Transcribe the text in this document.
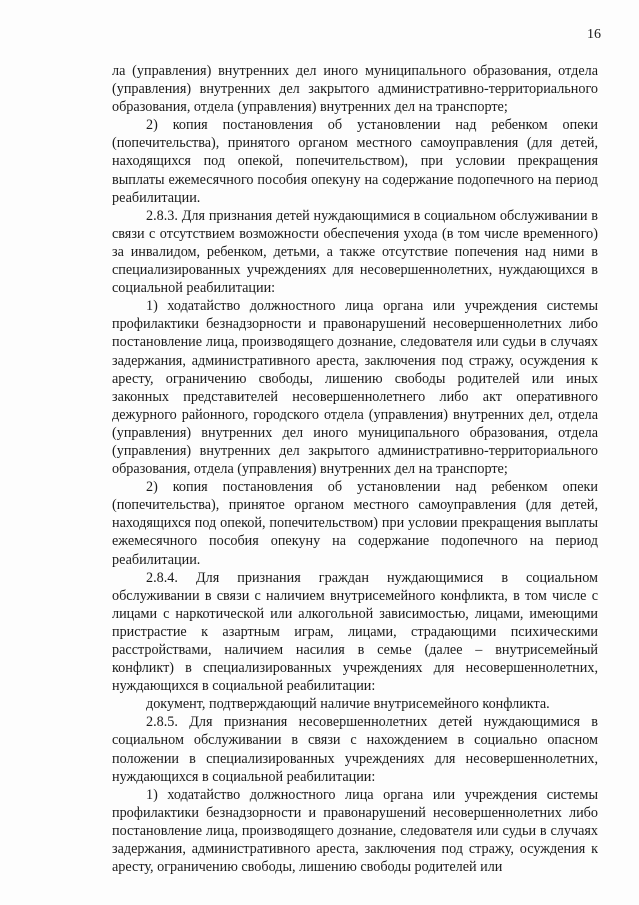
16

ла (управления) внутренних дел иного муниципального образования, отдела (управления) внутренних дел закрытого административно-территориального образования, отдела (управления) внутренних дел на транспорте;

2) копия постановления об установлении над ребенком опеки (попечительства), принятого органом местного самоуправления (для детей, находящихся под опекой, попечительством), при условии прекращения выплаты ежемесячного пособия опекуну на содержание подопечного на период реабилитации.

2.8.3. Для признания детей нуждающимися в социальном обслуживании в связи с отсутствием возможности обеспечения ухода (в том числе временного) за инвалидом, ребенком, детьми, а также отсутствие попечения над ними в специализированных учреждениях для несовершеннолетних, нуждающихся в социальной реабилитации:

1) ходатайство должностного лица органа или учреждения системы профилактики безнадзорности и правонарушений несовершеннолетних либо постановление лица, производящего дознание, следователя или судьи в случаях задержания, административного ареста, заключения под стражу, осуждения к аресту, ограничению свободы, лишению свободы родителей или иных законных представителей несовершеннолетнего либо акт оперативного дежурного районного, городского отдела (управления) внутренних дел, отдела (управления) внутренних дел иного муниципального образования, отдела (управления) внутренних дел закрытого административно-территориального образования, отдела (управления) внутренних дел на транспорте;

2) копия постановления об установлении над ребенком опеки (попечительства), принятое органом местного самоуправления (для детей, находящихся под опекой, попечительством) при условии прекращения выплаты ежемесячного пособия опекуну на содержание подопечного на период реабилитации.

2.8.4. Для признания граждан нуждающимися в социальном обслуживании в связи с наличием внутрисемейного конфликта, в том числе с лицами с наркотической или алкогольной зависимостью, лицами, имеющими пристрастие к азартным играм, лицами, страдающими психическими расстройствами, наличием насилия в семье (далее – внутрисемейный конфликт) в специализированных учреждениях для несовершеннолетних, нуждающихся в социальной реабилитации:

документ, подтверждающий наличие внутрисемейного конфликта.

2.8.5. Для признания несовершеннолетних детей нуждающимися в социальном обслуживании в связи с нахождением в социально опасном положении в специализированных учреждениях для несовершеннолетних, нуждающихся в социальной реабилитации:

1) ходатайство должностного лица органа или учреждения системы профилактики безнадзорности и правонарушений несовершеннолетних либо постановление лица, производящего дознание, следователя или судьи в случаях задержания, административного ареста, заключения под стражу, осуждения к аресту, ограничению свободы, лишению свободы родителей или
